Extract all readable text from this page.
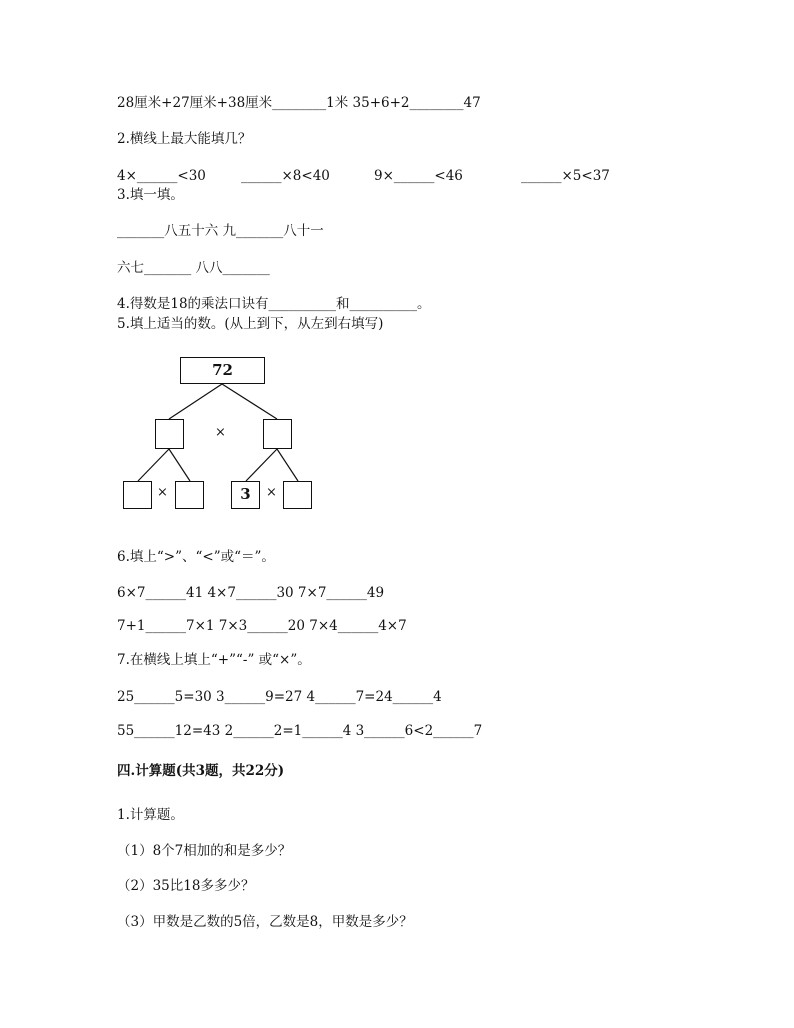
28厘米+27厘米+38厘米________1米 35+6+2________47
2.横线上最大能填几？
4×______<30	______×8<40	9×______<46	______×5<37
3.填一填。
_______八五十六 九_______八十一
六七_______ 八八_______
4.得数是18的乘法口诀有__________和__________。
5.填上适当的数。(从上到下，从左到右填写)
72
×
×	3	×
6.填上“>”、“<”或“＝”。
6×7______41 4×7______30 7×7______49
7+1______7×1 7×3______20 7×4______4×7
7.在横线上填上“+”“-” 或“×”。
25______5=30 3______9=27 4______7=24______4
55______12=43 2______2=1______4 3______6<2______7
四.计算题(共3题，共22分)
1.计算题。
（1）8个7相加的和是多少？
（2）35比18多多少？
（3）甲数是乙数的5倍，乙数是8，甲数是多少？
